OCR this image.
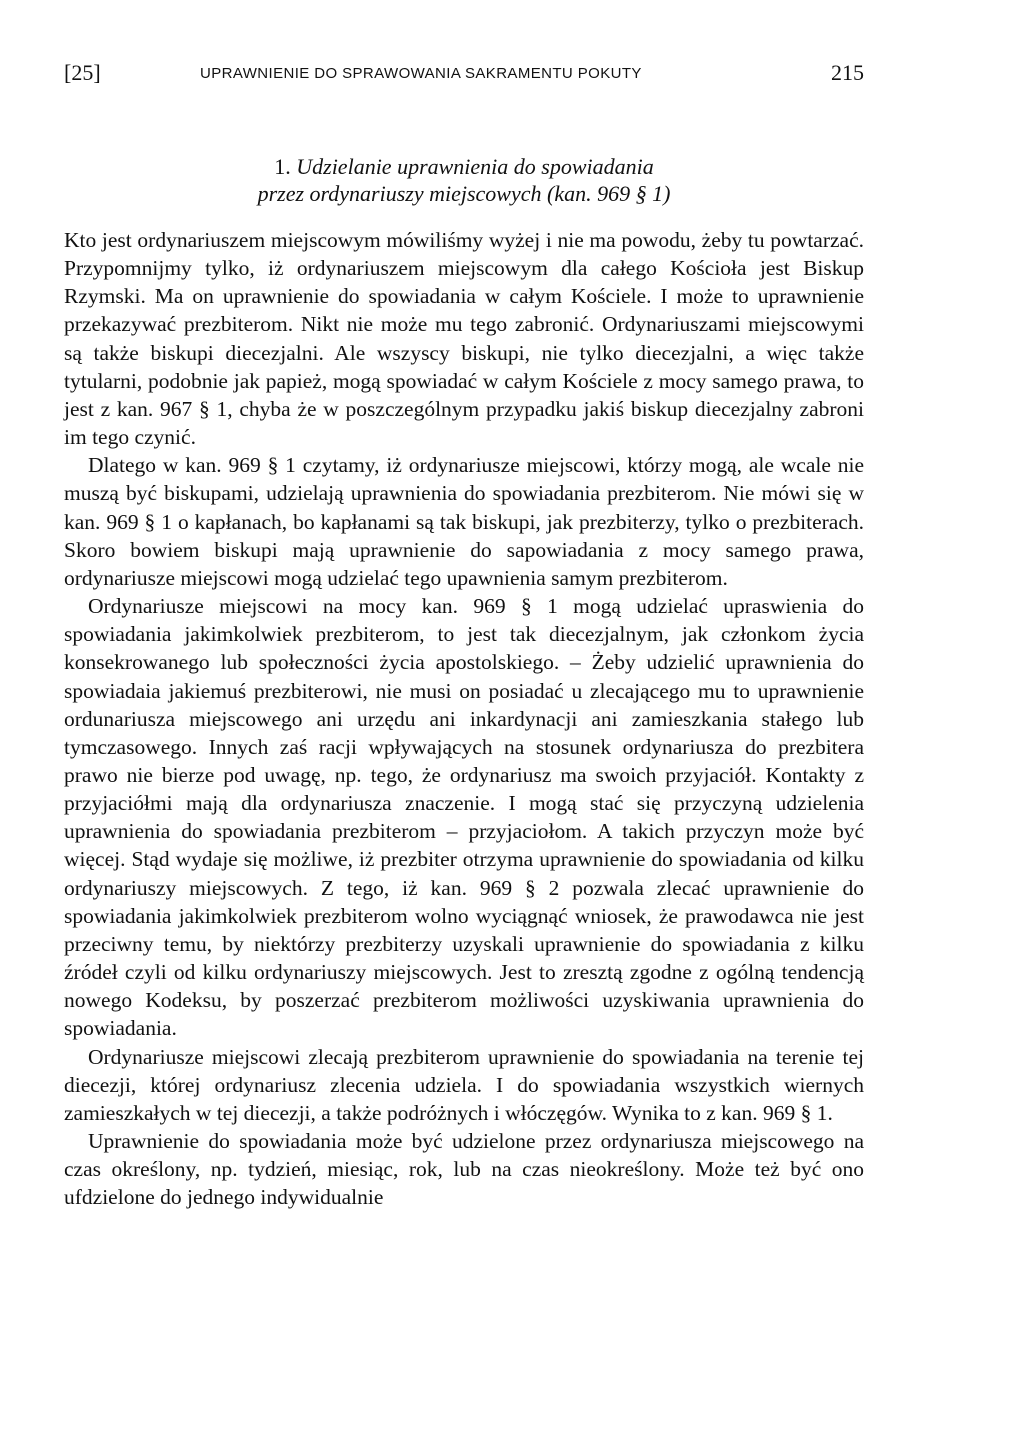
[25]	UPRAWNIENIE DO SPRAWOWANIA SAKRAMENTU POKUTY	215
1. Udzielanie uprawnienia do spowiadania
przez ordynariuszy miejscowych (kan. 969 § 1)

Kto jest ordynariuszem miejscowym mówiliśmy wyżej i nie ma powodu, żeby tu powtarzać. Przypomnijmy tylko, iż ordynariuszem miejscowym dla całego Kościoła jest Biskup Rzymski. Ma on uprawnienie do spowiadania w całym Kościele. I może to uprawnienie przekazywać prezbiterom. Nikt nie może mu tego zabronić. Ordynariuszami miejscowymi są także biskupi diecezjalni. Ale wszyscy biskupi, nie tylko diecezjalni, a więc także tytularni, podobnie jak papież, mogą spowiadać w całym Kościele z mocy samego prawa, to jest z kan. 967 § 1, chyba że w poszczególnym przypadku jakiś biskup diecezjalny zabroni im tego czynić.

Dlatego w kan. 969 § 1 czytamy, iż ordynariusze miejscowi, którzy mogą, ale wcale nie muszą być biskupami, udzielają uprawnienia do spowiadania prezbiterom. Nie mówi się w kan. 969 § 1 o kapłanach, bo kapłanami są tak biskupi, jak prezbiterzy, tylko o prezbiterach. Skoro bowiem biskupi mają uprawnienie do sapowiadania z mocy samego prawa, ordynariusze miejscowi mogą udzielać tego upawnienia samym prezbiterom.

Ordynariusze miejscowi na mocy kan. 969 § 1 mogą udzielać upraswienia do spowiadania jakimkolwiek prezbiterom, to jest tak diecezjalnym, jak członkom życia konsekrowanego lub społeczności życia apostolskiego. – Żeby udzielić uprawnienia do spowiadaia jakiemuś prezbiterowi, nie musi on posiadać u zlecającego mu to uprawnienie ordunariusza miejscowego ani urzędu ani inkardynacji ani zamieszkania stałego lub tymczasowego. Innych zaś racji wpływających na stosunek ordynariusza do prezbitera prawo nie bierze pod uwagę, np. tego, że ordynariusz ma swoich przyjaciół. Kontakty z przyjaciółmi mają dla ordynariusza znaczenie. I mogą stać się przyczyną udzielenia uprawnienia do spowiadania prezbiterom – przyjaciołom. A takich przyczyn może być więcej. Stąd wydaje się możliwe, iż prezbiter otrzyma uprawnienie do spowiadania od kilku ordynariuszy miejscowych. Z tego, iż kan. 969 § 2 pozwala zlecać uprawnienie do spowiadania jakimkolwiek prezbiterom wolno wyciągnąć wniosek, że prawodawca nie jest przeciwny temu, by niektórzy prezbiterzy uzyskali uprawnienie do spowiadania z kilku źródeł czyli od kilku ordynariuszy miejscowych. Jest to zresztą zgodne z ogólną tendencją nowego Kodeksu, by poszerzać prezbiterom możliwości uzyskiwania uprawnienia do spowiadania.

Ordynariusze miejscowi zlecają prezbiterom uprawnienie do spowiadania na terenie tej diecezji, której ordynariusz zlecenia udziela. I do spowiadania wszystkich wiernych zamieszkałych w tej diecezji, a także podróżnych i włóczęgów. Wynika to z kan. 969 § 1.

Uprawnienie do spowiadania może być udzielone przez ordynariusza miejscowego na czas określony, np. tydzień, miesiąc, rok, lub na czas nieokreślony. Może też być ono ufdzielone do jednego indywidualnie
